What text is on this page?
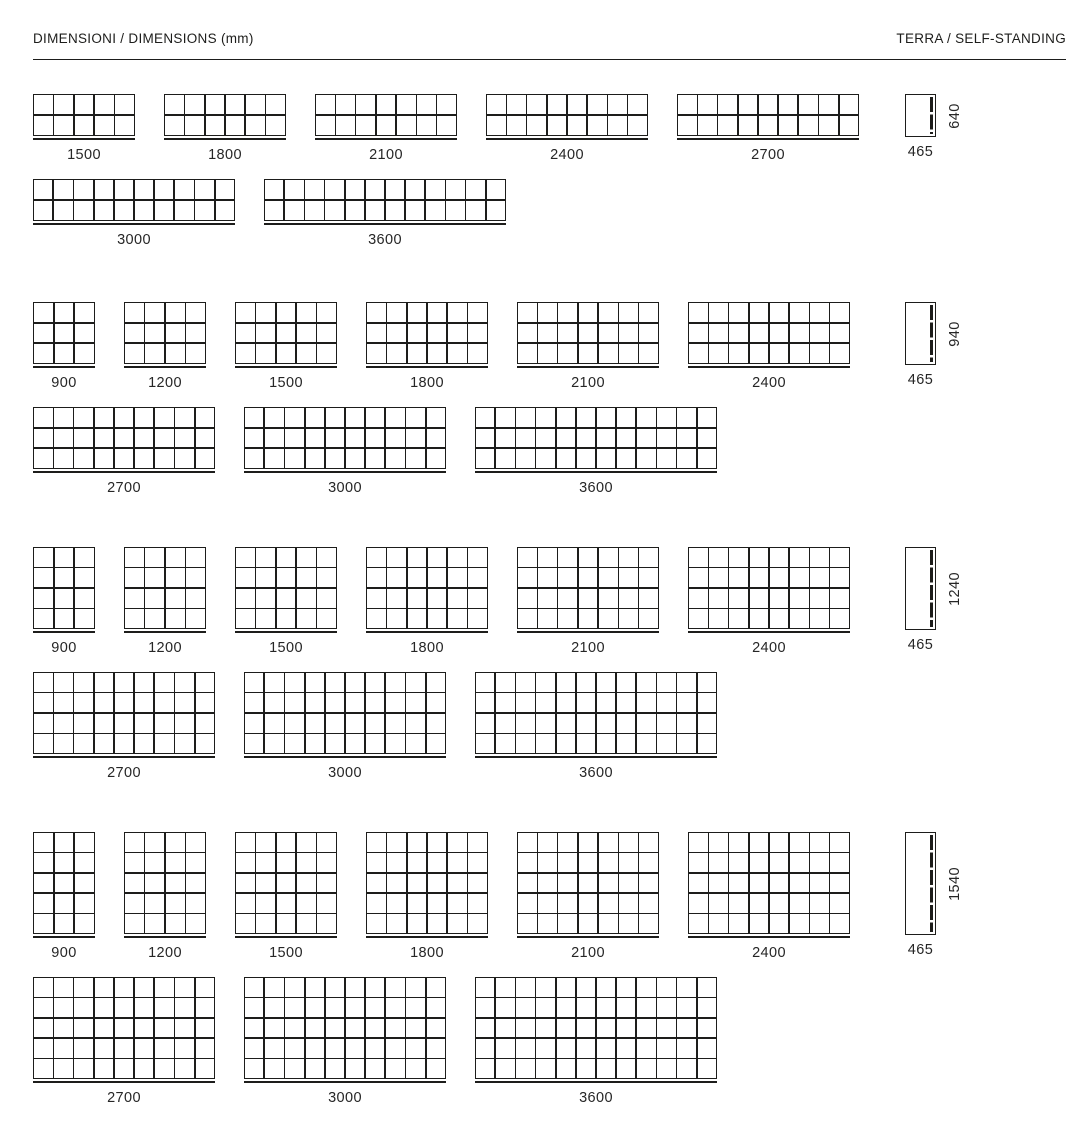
DIMENSIONI / DIMENSIONS (mm)	TERRA / SELF-STANDING
1500	1800	2100	2400	2700
3000	3600
640
465
900	1200	1500	1800	2100	2400
2700	3000	3600
940
465
900	1200	1500	1800	2100	2400
2700	3000	3600
1240
465
900	1200	1500	1800	2100	2400
2700	3000	3600
1540
465
